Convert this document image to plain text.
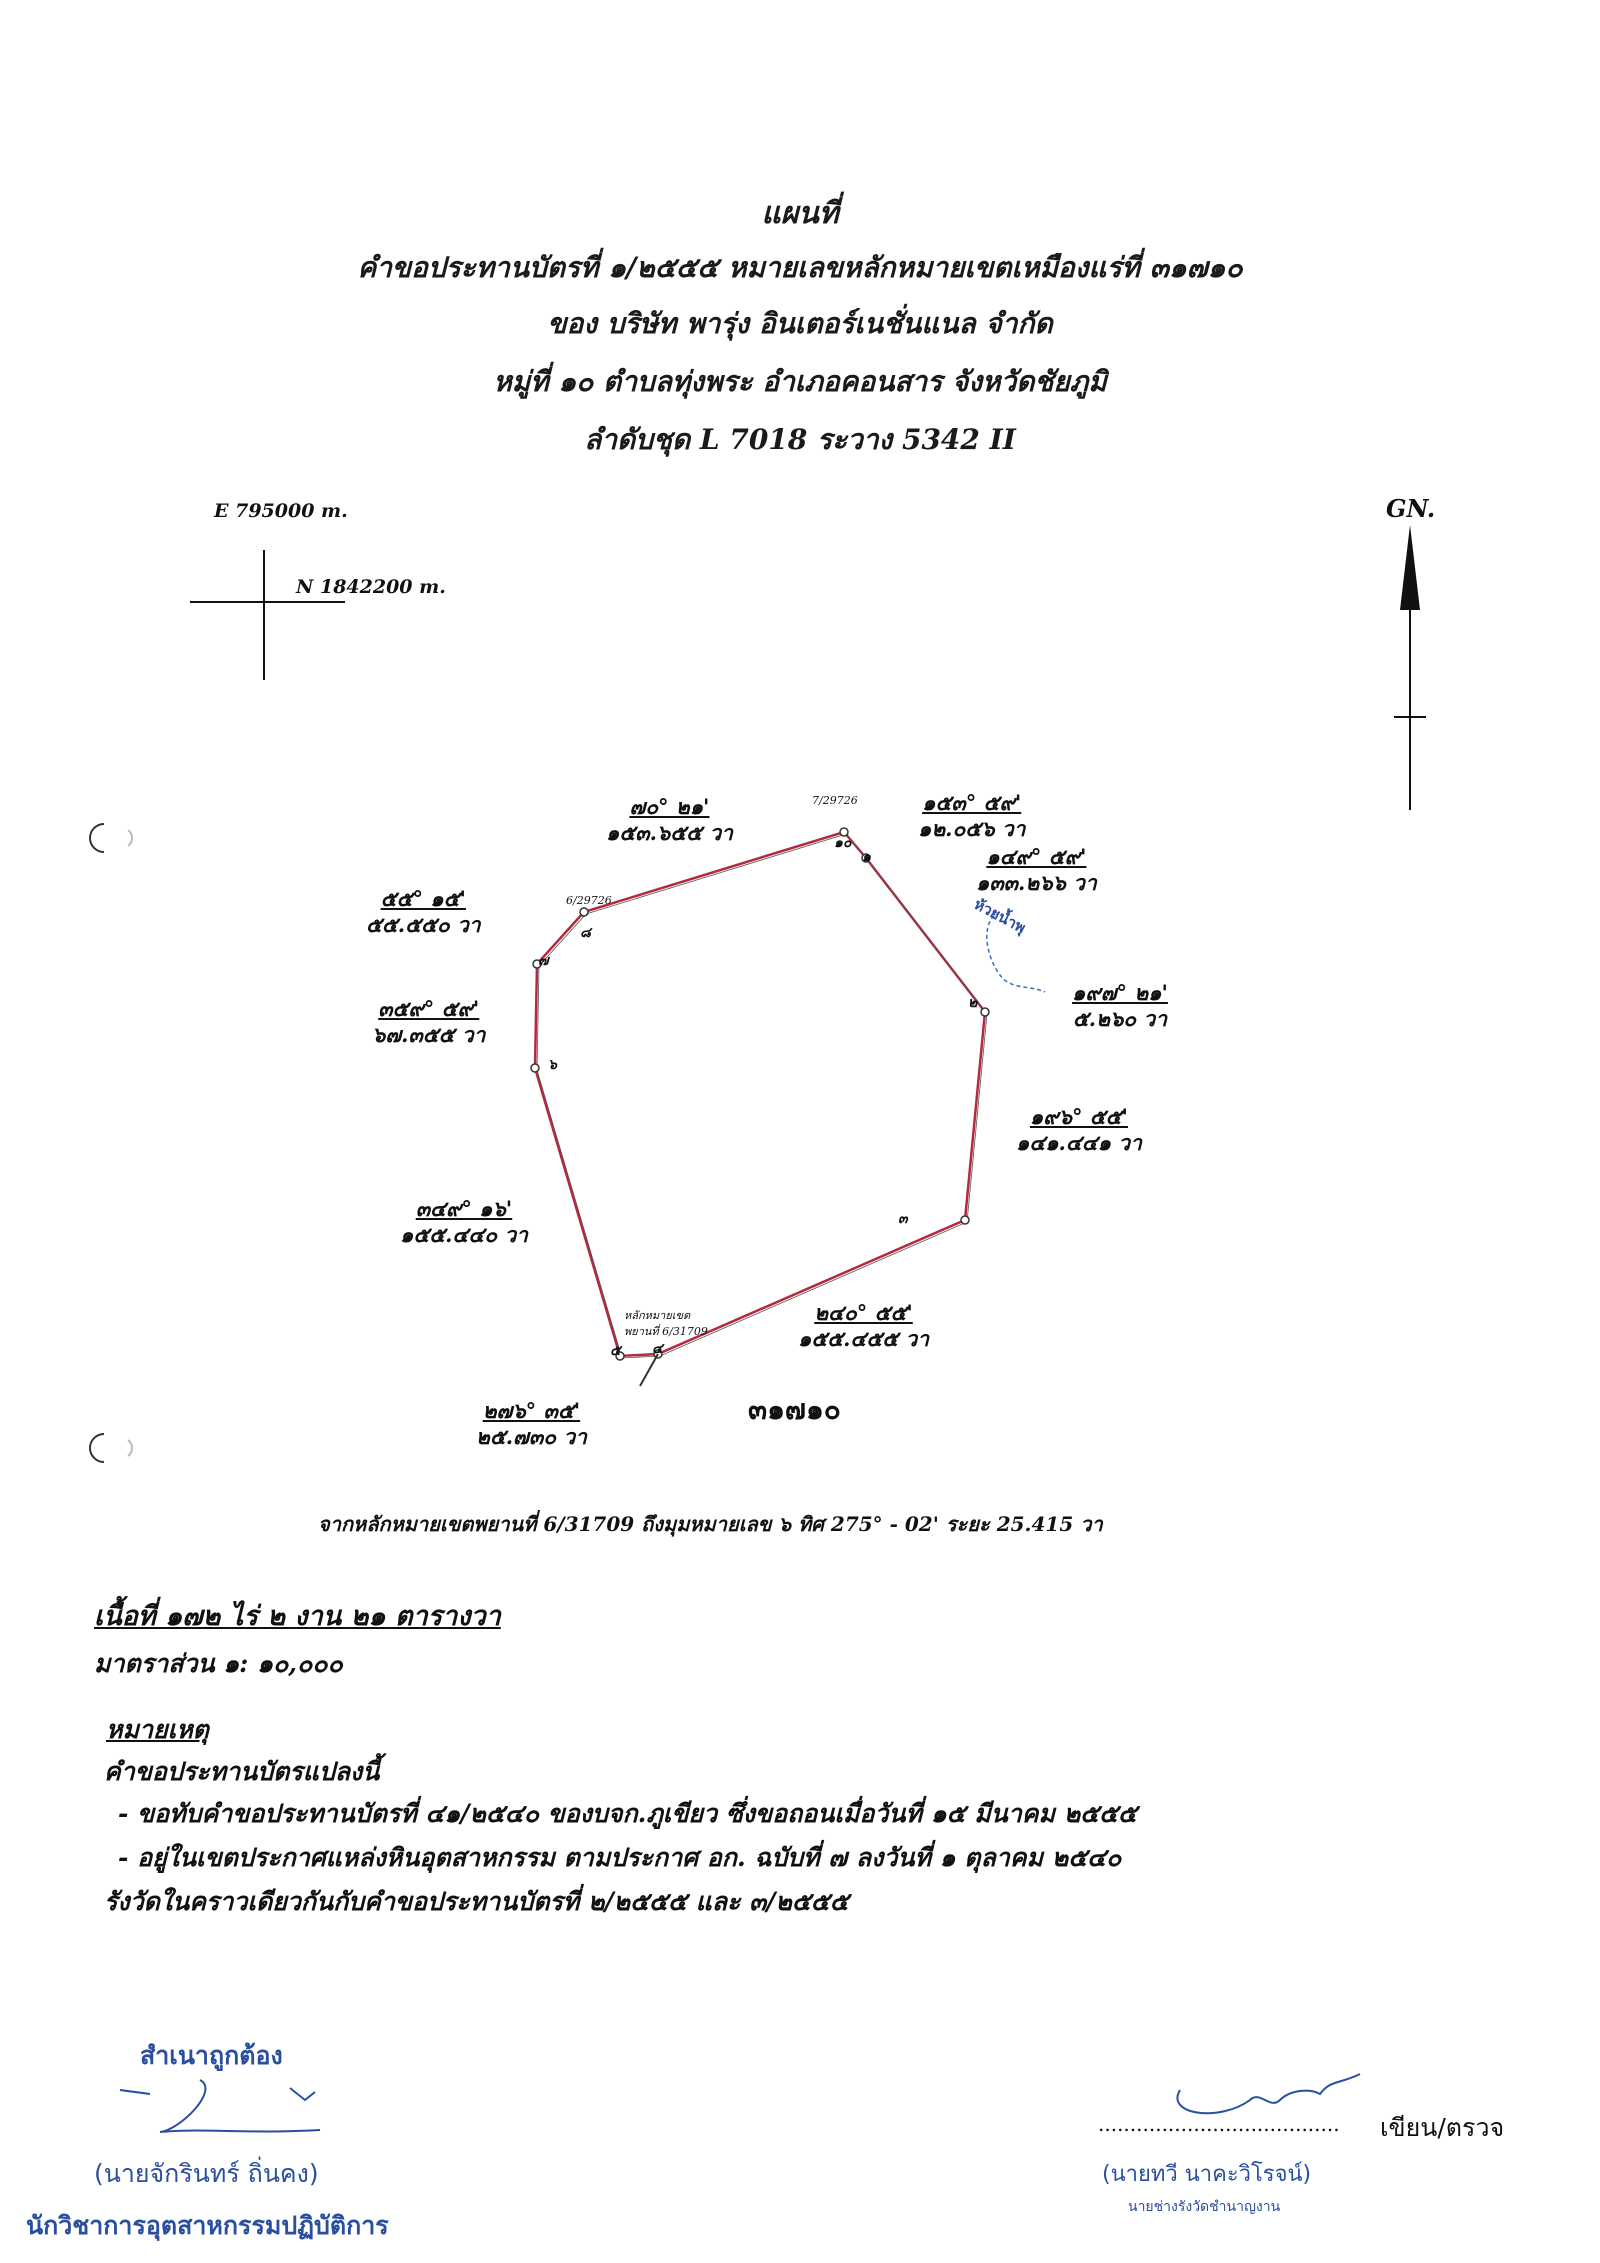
แผนที่
คำขอประทานบัตรที่ ๑/๒๕๕๕ หมายเลขหลักหมายเขตเหมืองแร่ที่ ๓๑๗๑๐
ของ บริษัท พารุ่ง อินเตอร์เนชั่นแนล จำกัด
หมู่ที่ ๑๐ ตำบลทุ่งพระ อำเภอคอนสาร จังหวัดชัยภูมิ
ลำดับชุด L 7018 ระวาง 5342 II
E 795000 m.
N 1842200 m.
GN.
๑๐
7/29726
๑
๒
๓
๔
๕
๖
๗
๘
6/29726	ห้วยน้ำพุ
หลักหมายเขต
พยานที่ 6/31709
๓๑๗๑๐
๗๐° ๒๑'
๑๕๓.๖๕๕ วา
๑๕๓° ๕๙'
๑๒.๐๕๖ วา
๑๔๙° ๕๙'
๑๓๓.๒๖๖ วา
๑๙๗° ๒๑'
๕.๒๖๐ วา
๑๙๖° ๕๕'
๑๔๑.๔๔๑ วา
๒๔๐° ๕๕'
๑๕๕.๔๕๕ วา
๒๗๖° ๓๕'
๒๕.๗๓๐ วา
๓๔๙° ๑๖'
๑๕๕.๔๔๐ วา
๓๕๙° ๕๙'
๖๗.๓๕๕ วา
๕๕° ๑๕'
๕๕.๕๕๐ วา
จากหลักหมายเขตพยานที่ 6/31709 ถึงมุมหมายเลข ๖ ทิศ 275° - 02' ระยะ 25.415 วา
เนื้อที่ ๑๗๒ ไร่ ๒ งาน ๒๑ ตารางวา
มาตราส่วน ๑: ๑๐,๐๐๐
หมายเหตุ
คำขอประทานบัตรแปลงนี้
- ขอทับคำขอประทานบัตรที่ ๔๑/๒๕๔๐ ของบจก.ภูเขียว ซึ่งขอถอนเมื่อวันที่ ๑๕ มีนาคม ๒๕๕๕
- อยู่ในเขตประกาศแหล่งหินอุตสาหกรรม ตามประกาศ อก. ฉบับที่ ๗ ลงวันที่ ๑ ตุลาคม ๒๕๔๐
รังวัดในคราวเดียวกันกับคำขอประทานบัตรที่ ๒/๒๕๕๕ และ ๓/๒๕๕๕
สำเนาถูกต้อง
(นายจักรินทร์ ถิ่นคง)
นักวิชาการอุตสาหกรรมปฏิบัติการ
...................................... เขียน/ตรวจ
(นายทวี นาคะวิโรจน์)
นายช่างรังวัดชำนาญงาน
